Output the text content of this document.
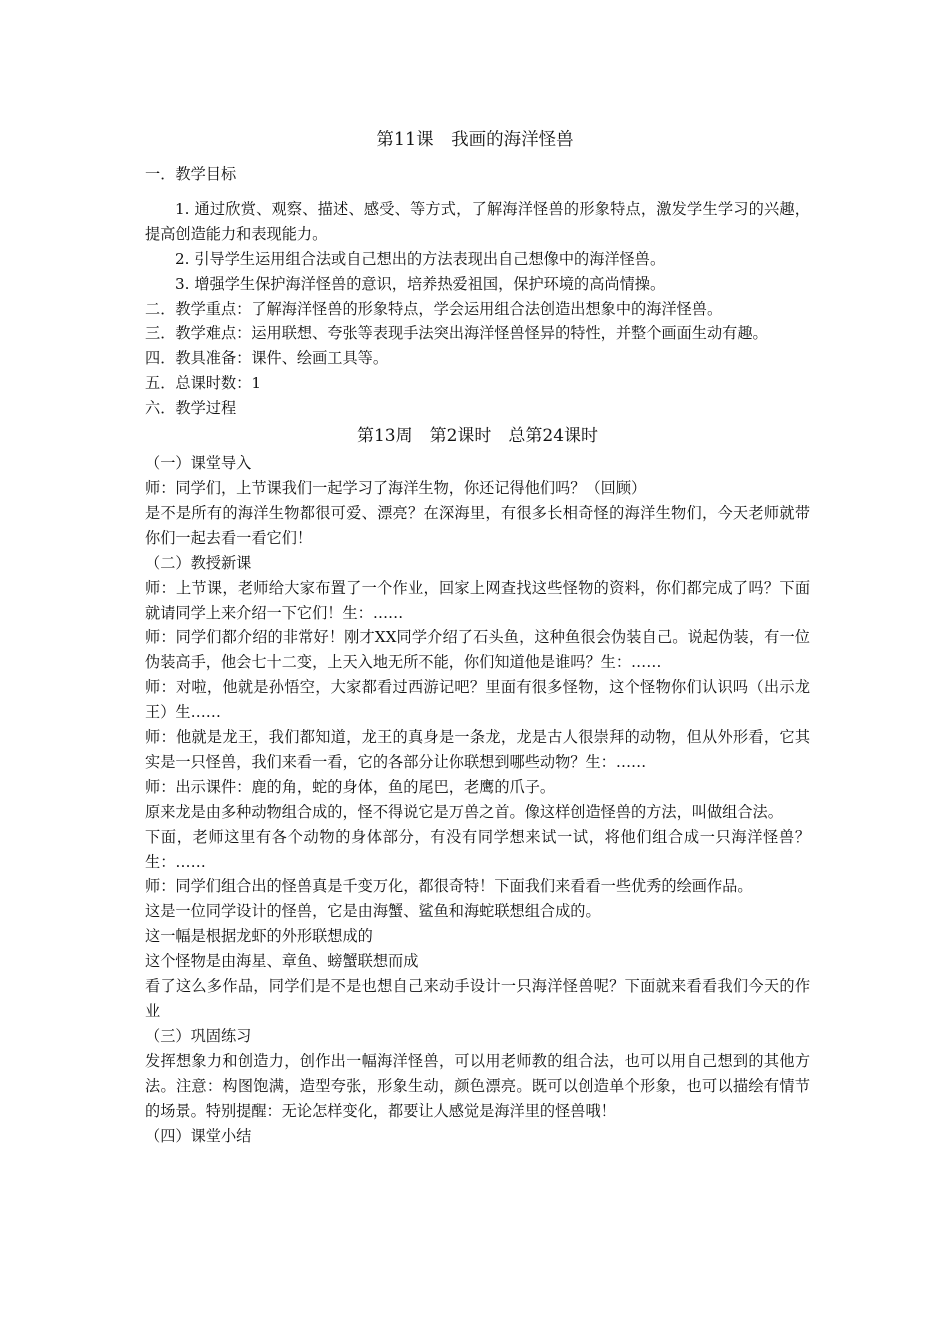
第11课　我画的海洋怪兽

一．教学目标

1. 通过欣赏、观察、描述、感受、等方式，了解海洋怪兽的形象特点，激发学生学习的兴趣，提高创造能力和表现能力。

2. 引导学生运用组合法或自己想出的方法表现出自己想像中的海洋怪兽。

3. 增强学生保护海洋怪兽的意识，培养热爱祖国，保护环境的高尚情操。

二．教学重点：了解海洋怪兽的形象特点，学会运用组合法创造出想象中的海洋怪兽。

三．教学难点：运用联想、夸张等表现手法突出海洋怪兽怪异的特性，并整个画面生动有趣。

四．教具准备：课件、绘画工具等。

五．总课时数：1

六．教学过程

第13周　第2课时　总第24课时

（一）课堂导入

师：同学们，上节课我们一起学习了海洋生物，你还记得他们吗？（回顾）

是不是所有的海洋生物都很可爱、漂亮？在深海里，有很多长相奇怪的海洋生物们，今天老师就带你们一起去看一看它们！

（二）教授新课

师：上节课，老师给大家布置了一个作业，回家上网查找这些怪物的资料，你们都完成了吗？下面就请同学上来介绍一下它们！生：……

师：同学们都介绍的非常好！刚才XX同学介绍了石头鱼，这种鱼很会伪装自己。说起伪装，有一位伪装高手，他会七十二变，上天入地无所不能，你们知道他是谁吗？生：……

师：对啦，他就是孙悟空，大家都看过西游记吧？里面有很多怪物，这个怪物你们认识吗（出示龙王）生……

师：他就是龙王，我们都知道，龙王的真身是一条龙，龙是古人很崇拜的动物，但从外形看，它其实是一只怪兽，我们来看一看，它的各部分让你联想到哪些动物？生：……

师：出示课件：鹿的角，蛇的身体，鱼的尾巴，老鹰的爪子。

原来龙是由多种动物组合成的，怪不得说它是万兽之首。像这样创造怪兽的方法，叫做组合法。

下面，老师这里有各个动物的身体部分，有没有同学想来试一试，将他们组合成一只海洋怪兽？生：……

师：同学们组合出的怪兽真是千变万化，都很奇特！下面我们来看看一些优秀的绘画作品。

这是一位同学设计的怪兽，它是由海蟹、鲨鱼和海蛇联想组合成的。

这一幅是根据龙虾的外形联想成的

这个怪物是由海星、章鱼、螃蟹联想而成

看了这么多作品，同学们是不是也想自己来动手设计一只海洋怪兽呢？下面就来看看我们今天的作业

（三）巩固练习

发挥想象力和创造力，创作出一幅海洋怪兽，可以用老师教的组合法，也可以用自己想到的其他方法。注意：构图饱满，造型夸张，形象生动，颜色漂亮。既可以创造单个形象，也可以描绘有情节的场景。特别提醒：无论怎样变化，都要让人感觉是海洋里的怪兽哦！

（四）课堂小结
